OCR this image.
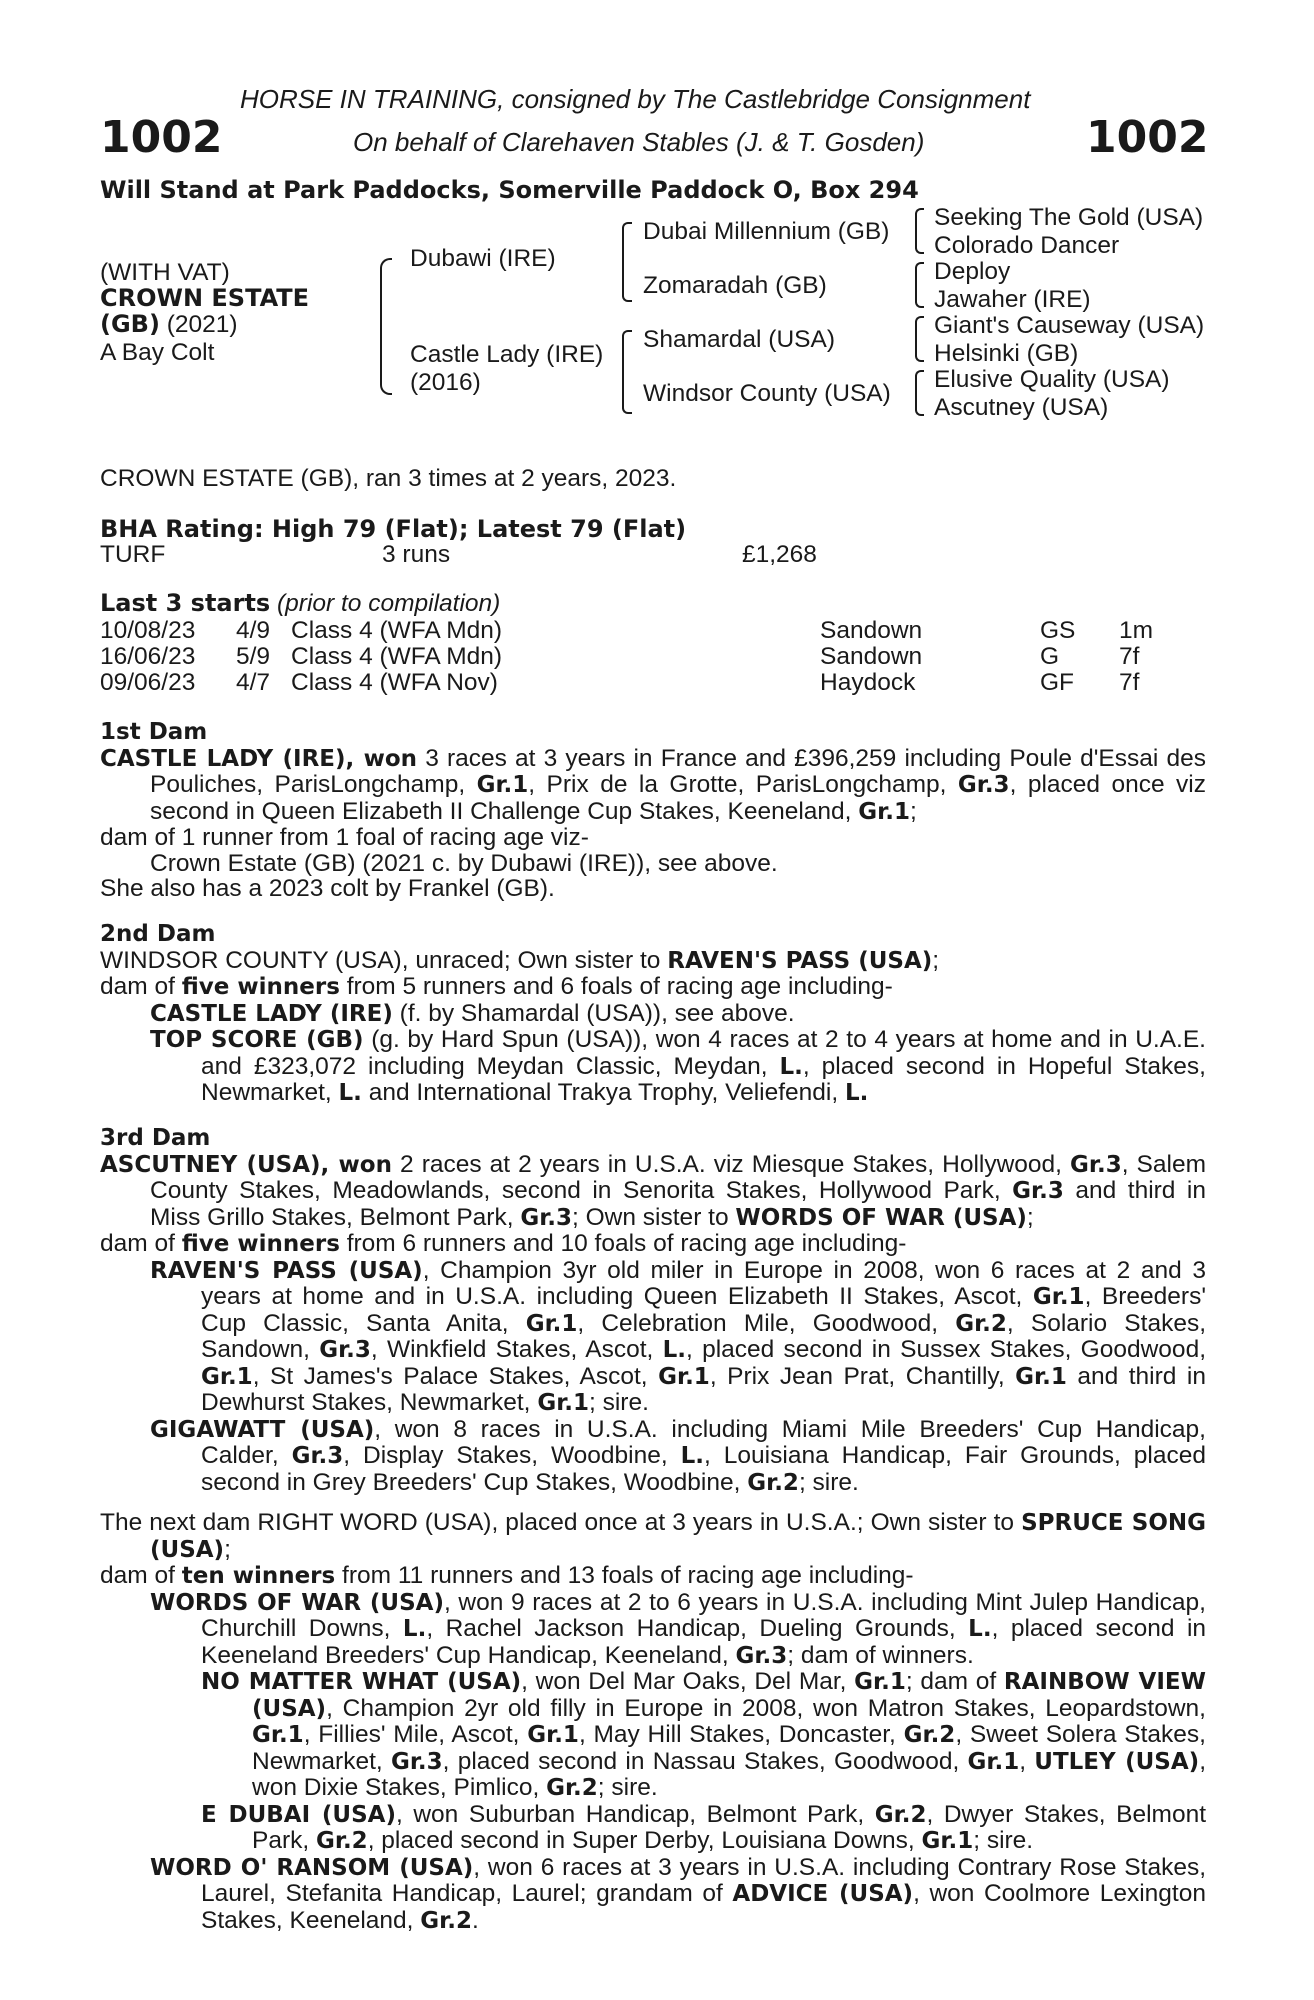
HORSE IN TRAINING, consigned by The Castlebridge Consignment
1002	On behalf of Clarehaven Stables (J. & T. Gosden)	1002
Will Stand at Park Paddocks, Somerville Paddock O, Box 294
(WITH VAT)
CROWN ESTATE
(GB) (2021)
A Bay Colt
Dubawi (IRE)
Castle Lady (IRE)
(2016)
Dubai Millennium (GB)
Zomaradah (GB)
Shamardal (USA)
Windsor County (USA)
Seeking The Gold (USA)
Colorado Dancer
Deploy
Jawaher (IRE)
Giant's Causeway (USA)
Helsinki (GB)
Elusive Quality (USA)
Ascutney (USA)
CROWN ESTATE (GB), ran 3 times at 2 years, 2023.
BHA Rating: High 79 (Flat); Latest 79 (Flat)
TURF	3 runs	£1,268
Last 3 starts (prior to compilation)
10/08/23 4/9 Class 4 (WFA Mdn)	Sandown	GS 1m
16/06/23 5/9 Class 4 (WFA Mdn)	Sandown	G 7f
09/06/23 4/7 Class 4 (WFA Nov)	Haydock	GF 7f

1st Dam

CASTLE LADY (IRE), won 3 races at 3 years in France and £396,259 including Poule d'Essai des Pouliches, ParisLongchamp, Gr.1, Prix de la Grotte, ParisLongchamp, Gr.3, placed once viz second in Queen Elizabeth II Challenge Cup Stakes, Keeneland, Gr.1;

dam of 1 runner from 1 foal of racing age viz-

Crown Estate (GB) (2021 c. by Dubawi (IRE)), see above.

She also has a 2023 colt by Frankel (GB).

2nd Dam

WINDSOR COUNTY (USA), unraced; Own sister to RAVEN'S PASS (USA);

dam of five winners from 5 runners and 6 foals of racing age including-

CASTLE LADY (IRE) (f. by Shamardal (USA)), see above.

TOP SCORE (GB) (g. by Hard Spun (USA)), won 4 races at 2 to 4 years at home and in U.A.E. and £323,072 including Meydan Classic, Meydan, L., placed second in Hopeful Stakes, Newmarket, L. and International Trakya Trophy, Veliefendi, L.

3rd Dam

ASCUTNEY (USA), won 2 races at 2 years in U.S.A. viz Miesque Stakes, Hollywood, Gr.3, Salem County Stakes, Meadowlands, second in Senorita Stakes, Hollywood Park, Gr.3 and third in Miss Grillo Stakes, Belmont Park, Gr.3; Own sister to WORDS OF WAR (USA);

dam of five winners from 6 runners and 10 foals of racing age including-

RAVEN'S PASS (USA), Champion 3yr old miler in Europe in 2008, won 6 races at 2 and 3 years at home and in U.S.A. including Queen Elizabeth II Stakes, Ascot, Gr.1, Breeders' Cup Classic, Santa Anita, Gr.1, Celebration Mile, Goodwood, Gr.2, Solario Stakes, Sandown, Gr.3, Winkfield Stakes, Ascot, L., placed second in Sussex Stakes, Goodwood, Gr.1, St James's Palace Stakes, Ascot, Gr.1, Prix Jean Prat, Chantilly, Gr.1 and third in Dewhurst Stakes, Newmarket, Gr.1; sire.

GIGAWATT (USA), won 8 races in U.S.A. including Miami Mile Breeders' Cup Handicap, Calder, Gr.3, Display Stakes, Woodbine, L., Louisiana Handicap, Fair Grounds, placed second in Grey Breeders' Cup Stakes, Woodbine, Gr.2; sire.

The next dam RIGHT WORD (USA), placed once at 3 years in U.S.A.; Own sister to SPRUCE SONG (USA);

dam of ten winners from 11 runners and 13 foals of racing age including-

WORDS OF WAR (USA), won 9 races at 2 to 6 years in U.S.A. including Mint Julep Handicap, Churchill Downs, L., Rachel Jackson Handicap, Dueling Grounds, L., placed second in Keeneland Breeders' Cup Handicap, Keeneland, Gr.3; dam of winners.

NO MATTER WHAT (USA), won Del Mar Oaks, Del Mar, Gr.1; dam of RAINBOW VIEW (USA), Champion 2yr old filly in Europe in 2008, won Matron Stakes, Leopardstown, Gr.1, Fillies' Mile, Ascot, Gr.1, May Hill Stakes, Doncaster, Gr.2, Sweet Solera Stakes, Newmarket, Gr.3, placed second in Nassau Stakes, Goodwood, Gr.1, UTLEY (USA), won Dixie Stakes, Pimlico, Gr.2; sire.

E DUBAI (USA), won Suburban Handicap, Belmont Park, Gr.2, Dwyer Stakes, Belmont Park, Gr.2, placed second in Super Derby, Louisiana Downs, Gr.1; sire.

WORD O' RANSOM (USA), won 6 races at 3 years in U.S.A. including Contrary Rose Stakes, Laurel, Stefanita Handicap, Laurel; grandam of ADVICE (USA), won Coolmore Lexington Stakes, Keeneland, Gr.2.
